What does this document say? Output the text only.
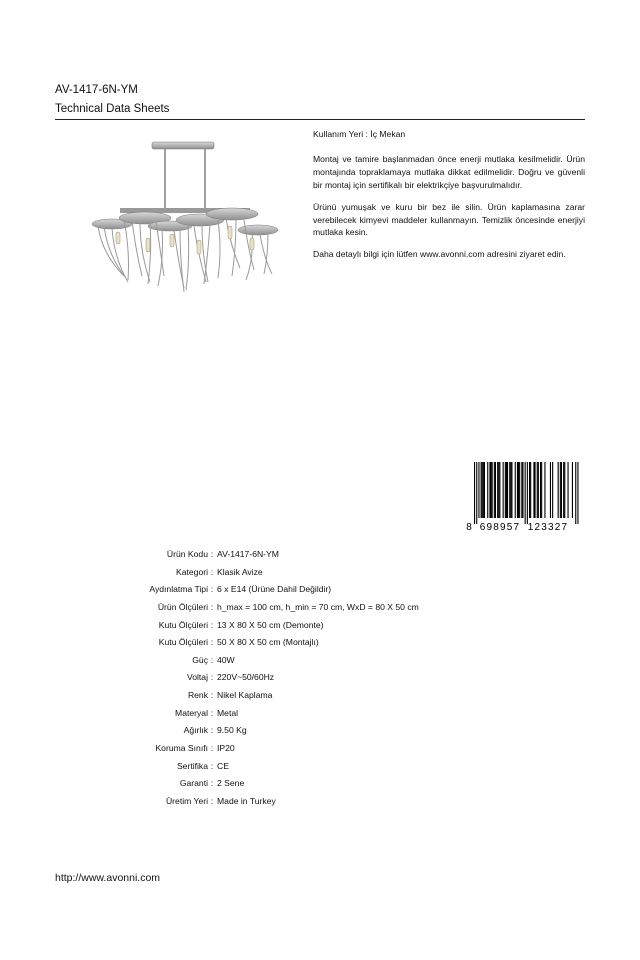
AV-1417-6N-YM
Technical Data Sheets

Kullanım Yeri : İç Mekan

Montaj ve tamire başlanmadan önce enerji mutlaka kesilmelidir. Ürün montajında topraklamaya mutlaka dikkat edilmelidir. Doğru ve güvenli bir montaj için sertifikalı bir elektrikçiye başvurulmalıdır.

Ürünü yumuşak ve kuru bir bez ile silin. Ürün kaplamasına zarar verebilecek kimyevi maddeler kullanmayın. Temizlik öncesinde enerjiyi mutlaka kesin.

Daha detaylı bilgi için lütfen www.avonni.com adresini ziyaret edin.

8 698957 123327
Ürün Kodu : AV-1417-6N-YM
Kategori : Klasik Avize
Aydınlatma Tipi : 6 x E14 (Ürüne Dahil Değildir)
Ürün Ölçüleri : h_max = 100 cm, h_min = 70 cm, WxD = 80 X 50 cm
Kutu Ölçüleri : 13 X 80 X 50 cm (Demonte)
Kutu Ölçüleri : 50 X 80 X 50 cm (Montajlı)
Güç : 40W
Voltaj : 220V~50/60Hz
Renk : Nikel Kaplama
Materyal : Metal
Ağırlık : 9.50 Kg
Koruma Sınıfı : IP20
Sertifika : CE
Garanti : 2 Sene
Üretim Yeri : Made in Turkey
http://www.avonni.com
